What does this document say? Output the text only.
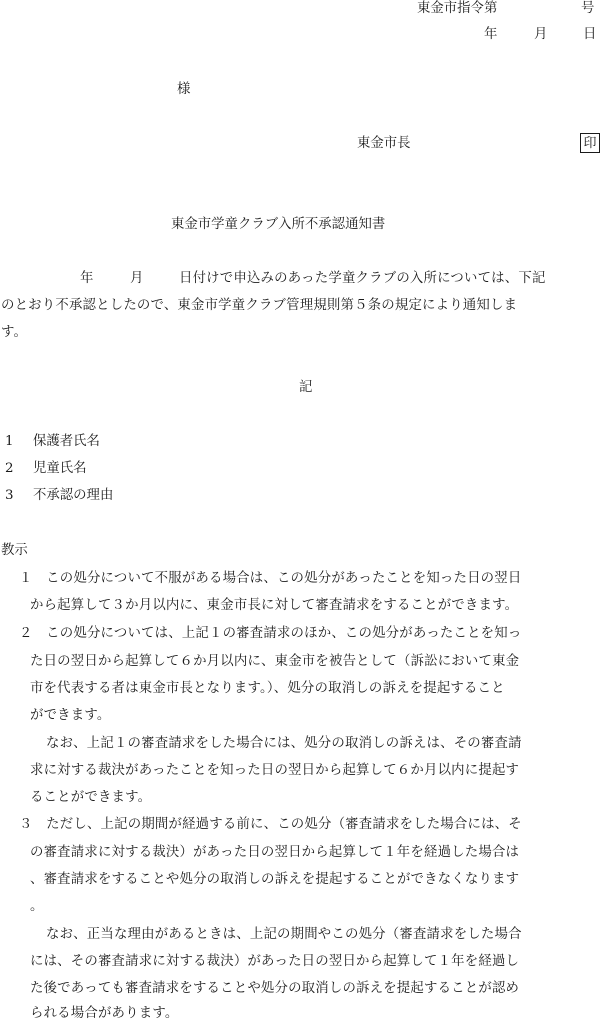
東金市指令第	号
年	月	日
様
東金市長	印
東金市学童クラブ入所不承認通知書
年	月	日付けで申込みのあった学童クラブの入所については、下記
のとおり不承認としたので、東金市学童クラブ管理規則第５条の規定により通知しま
す。
記
1 保護者氏名
2 児童氏名
3 不承認の理由
教示
１　この処分について不服がある場合は、この処分があったことを知った日の翌日
から起算して３か月以内に、東金市長に対して審査請求をすることができます。
２　この処分については、上記１の審査請求のほか、この処分があったことを知っ
た日の翌日から起算して６か月以内に、東金市を被告として（訴訟において東金
市を代表する者は東金市長となります。）、処分の取消しの訴えを提起すること
ができます。
なお、上記１の審査請求をした場合には、処分の取消しの訴えは、その審査請
求に対する裁決があったことを知った日の翌日から起算して６か月以内に提起す
ることができます。
３　ただし、上記の期間が経過する前に、この処分（審査請求をした場合には、そ
の審査請求に対する裁決）があった日の翌日から起算して１年を経過した場合は
、審査請求をすることや処分の取消しの訴えを提起することができなくなります
。
なお、正当な理由があるときは、上記の期間やこの処分（審査請求をした場合
には、その審査請求に対する裁決）があった日の翌日から起算して１年を経過し
た後であっても審査請求をすることや処分の取消しの訴えを提起することが認め
られる場合があります。
